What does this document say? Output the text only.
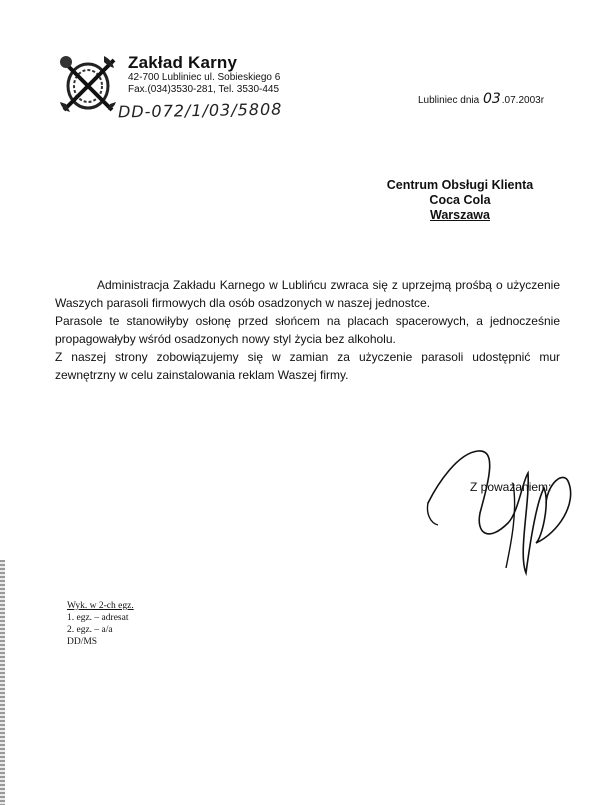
Zakład Karny
42-700 Lubliniec ul. Sobieskiego 6
Fax.(034)3530-281, Tel. 3530-445
DD-072/1/03/5808	Lubliniec dnia 03.07.2003r
Centrum Obsługi Klienta
Coca Cola
Warszawa

Administracja Zakładu Karnego w Lublińcu zwraca się z uprzejmą prośbą o użyczenie Waszych parasoli firmowych dla osób osadzonych w naszej jednostce.

Parasole te stanowiłyby osłonę przed słońcem na placach spacerowych, a jednocześnie propagowałyby wśród osadzonych nowy styl życia bez alkoholu.

Z naszej strony zobowiązujemy się w zamian za użyczenie parasoli udostępnić mur zewnętrzny w celu zainstalowania reklam Waszej firmy.

Z poważaniem:
Wyk. w 2-ch egz.
1. egz. – adresat
2. egz. – a/a
DD/MS
